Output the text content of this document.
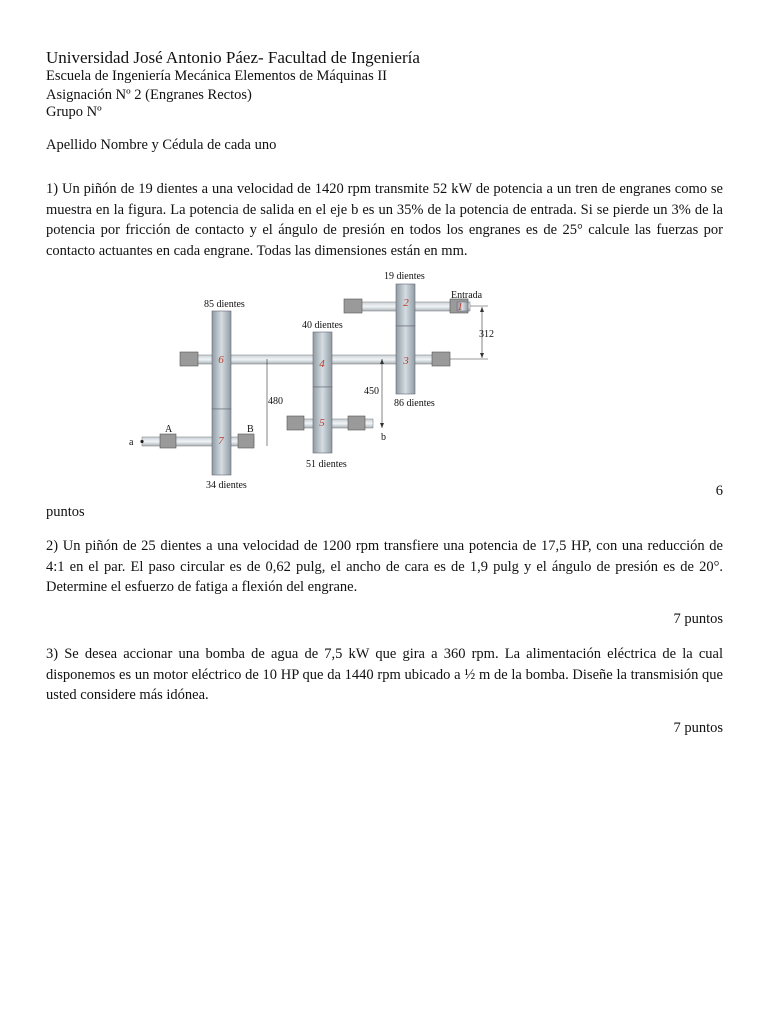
Universidad José Antonio Páez- Facultad de Ingeniería
Escuela de Ingeniería Mecánica Elementos de Máquinas II
Asignación Nº 2 (Engranes Rectos)
Grupo Nº
Apellido Nombre y Cédula de cada uno
1) Un piñón de 19 dientes a una velocidad de 1420 rpm transmite 52 kW de potencia a un tren de engranes como se muestra en la figura. La potencia de salida en el eje b es un 35% de la potencia de entrada. Si se pierde un 3% de la potencia por fricción de contacto y el ángulo de presión en todos los engranes es de 25° calcule las fuerzas por contacto actuantes en cada engrane. Todas las dimensiones están en mm.
1
2
3
4
5
6
7
19 dientes
Entrada
85 dientes
40 dientes
312
480
450
86 dientes
51 dientes
34 dientes
A	B
a	b
6
puntos
2) Un piñón de 25 dientes a una velocidad de 1200 rpm transfiere una potencia de 17,5 HP, con una reducción de 4:1 en el par. El paso circular es de 0,62 pulg, el ancho de cara es de 1,9 pulg y el ángulo de presión es de 20°. Determine el esfuerzo de fatiga a flexión del engrane.
7 puntos
3) Se desea accionar una bomba de agua de 7,5 kW que gira a 360 rpm. La alimentación eléctrica de la cual disponemos es un motor eléctrico de 10 HP que da 1440 rpm ubicado a ½ m de la bomba. Diseñe la transmisión que usted considere más idónea.
7 puntos
